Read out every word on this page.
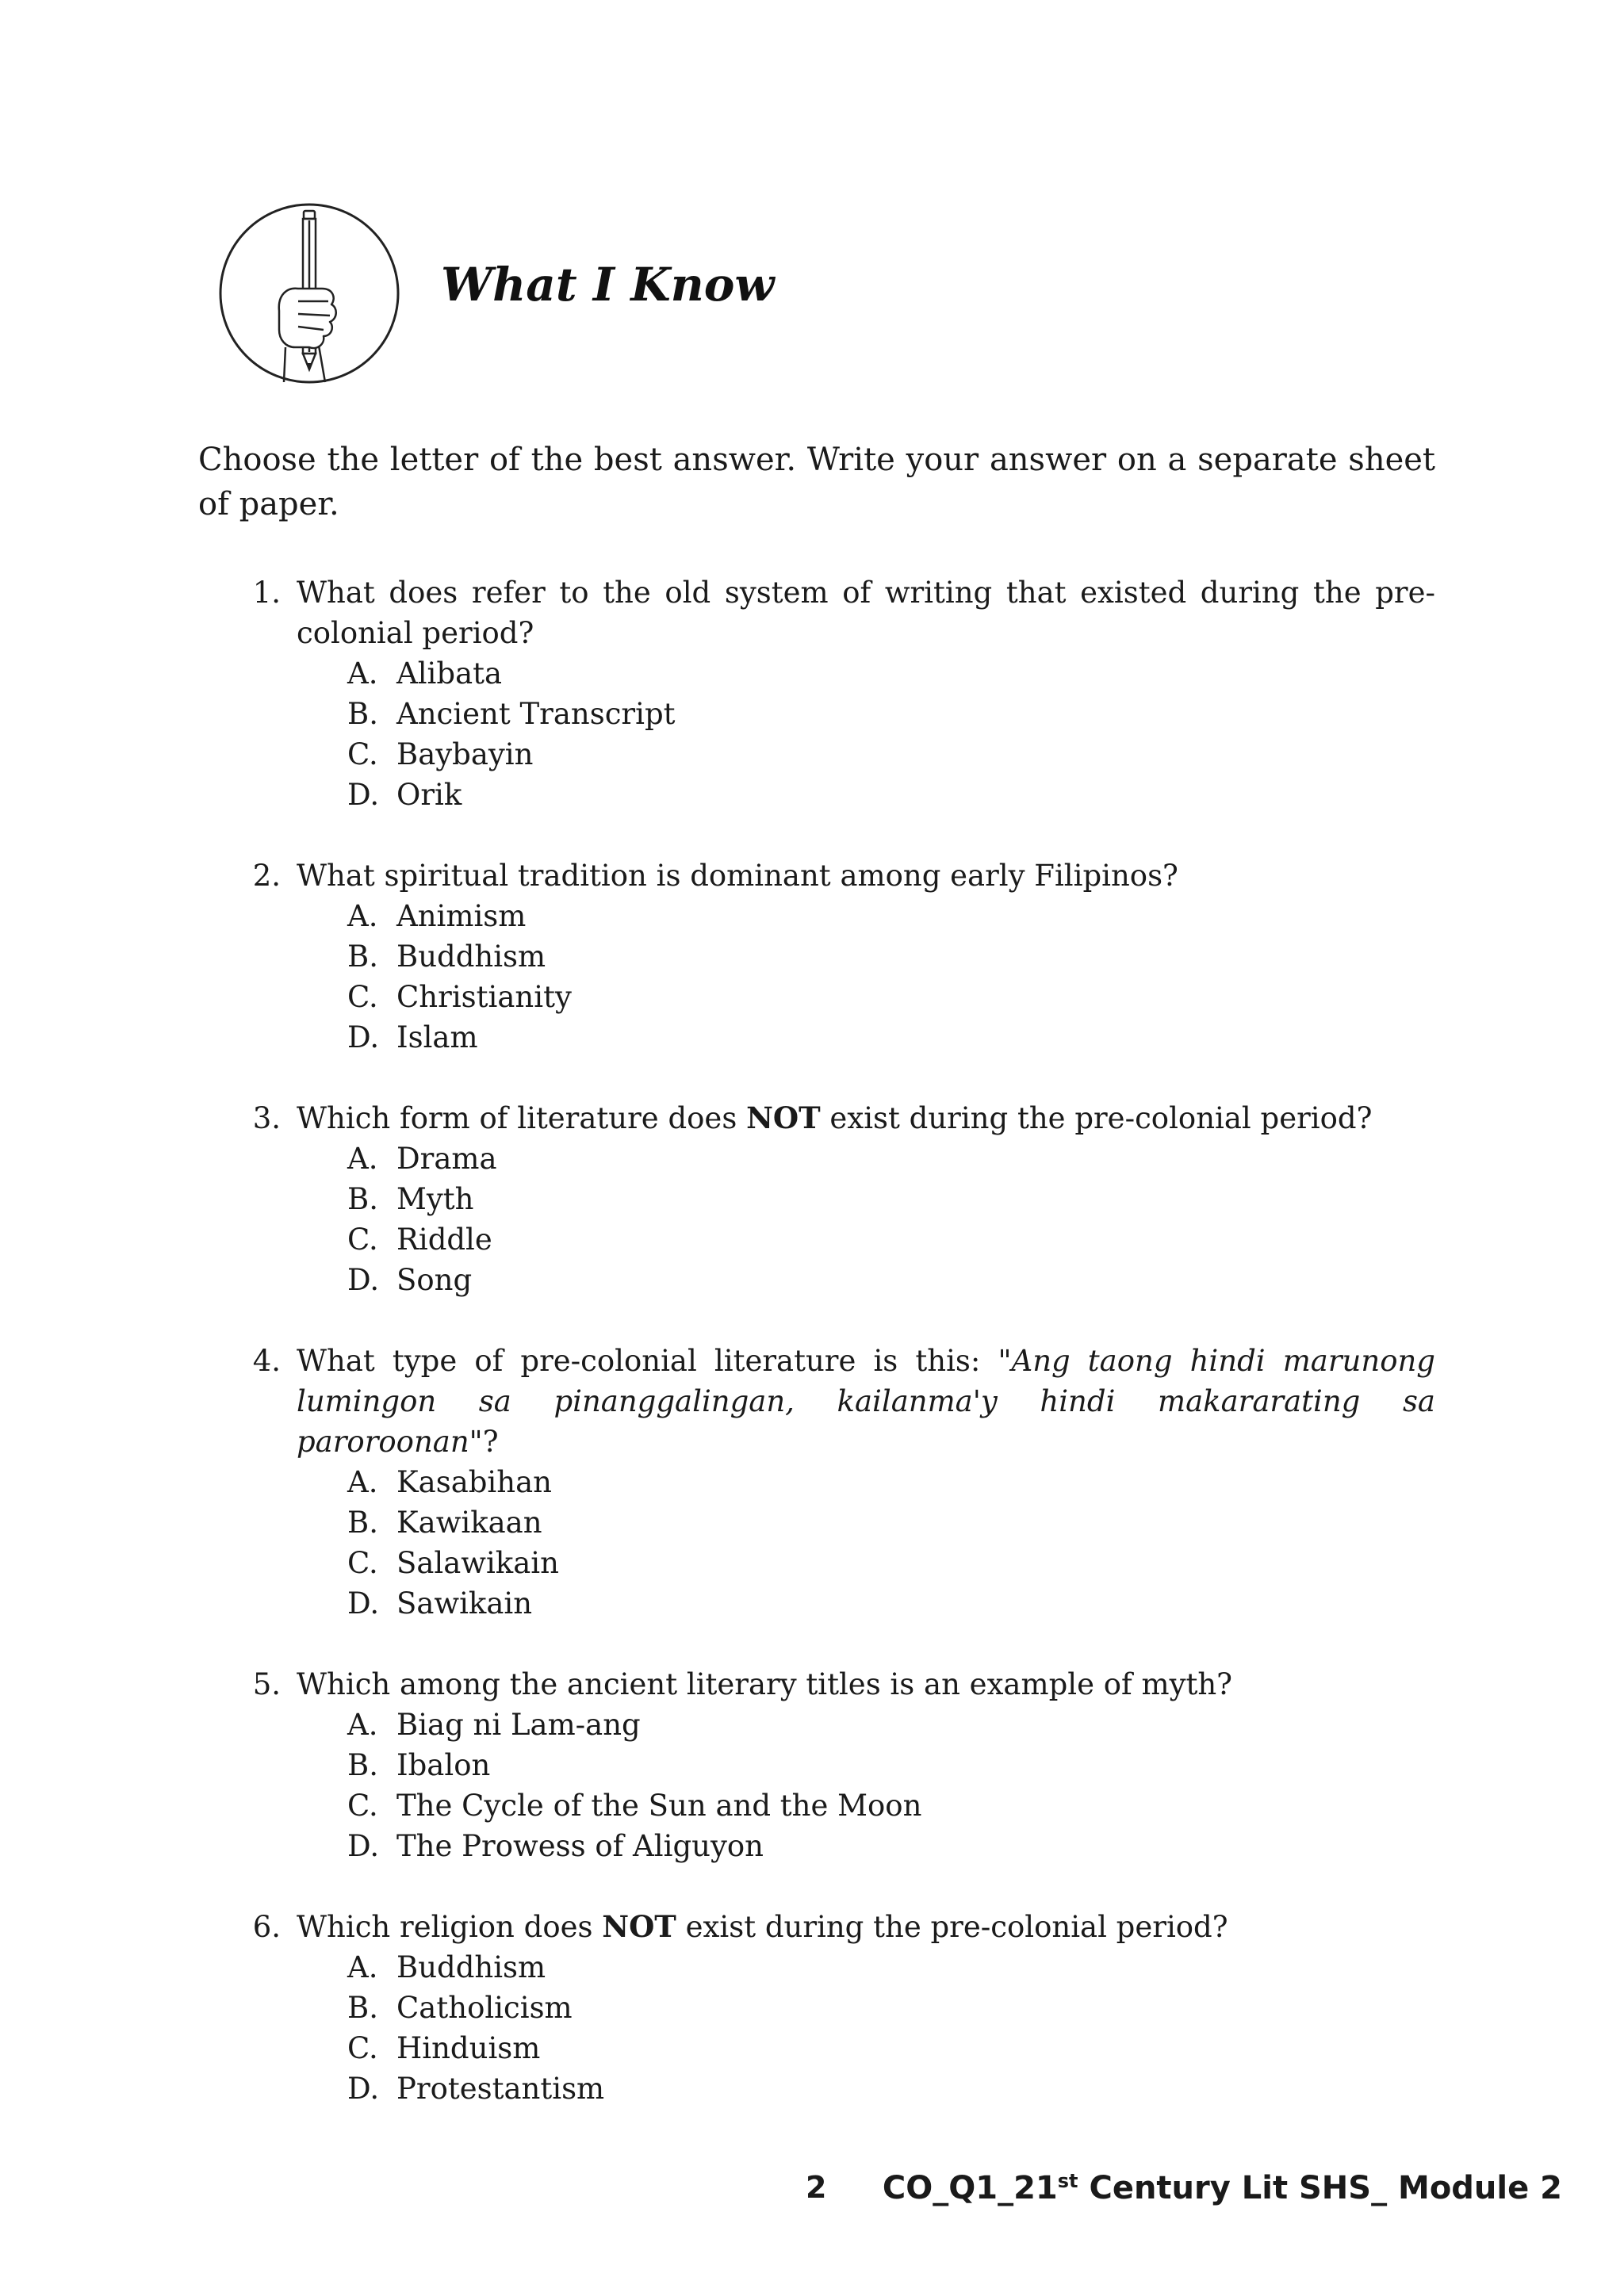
What I Know

Choose the letter of the best answer. Write your answer on a separate sheet of paper.

1. What does refer to the old system of writing that existed during the pre-colonial period?
A. Alibata
B. Ancient Transcript
C. Baybayin
D. Orik
2. What spiritual tradition is dominant among early Filipinos?
A. Animism
B. Buddhism
C. Christianity
D. Islam
3. Which form of literature does NOT exist during the pre-colonial period?
A. Drama
B. Myth
C. Riddle
D. Song
4. What type of pre-colonial literature is this: "Ang taong hindi marunong lumingon sa pinanggalingan, kailanma'y hindi makararating sa paroroonan"?
A. Kasabihan
B. Kawikaan
C. Salawikain
D. Sawikain
5. Which among the ancient literary titles is an example of myth?
A. Biag ni Lam-ang
B. Ibalon
C. The Cycle of the Sun and the Moon
D. The Prowess of Aliguyon
6. Which religion does NOT exist during the pre-colonial period?
A. Buddhism
B. Catholicism
C. Hinduism
D. Protestantism
2 CO_Q1_21st Century Lit SHS_ Module 2
